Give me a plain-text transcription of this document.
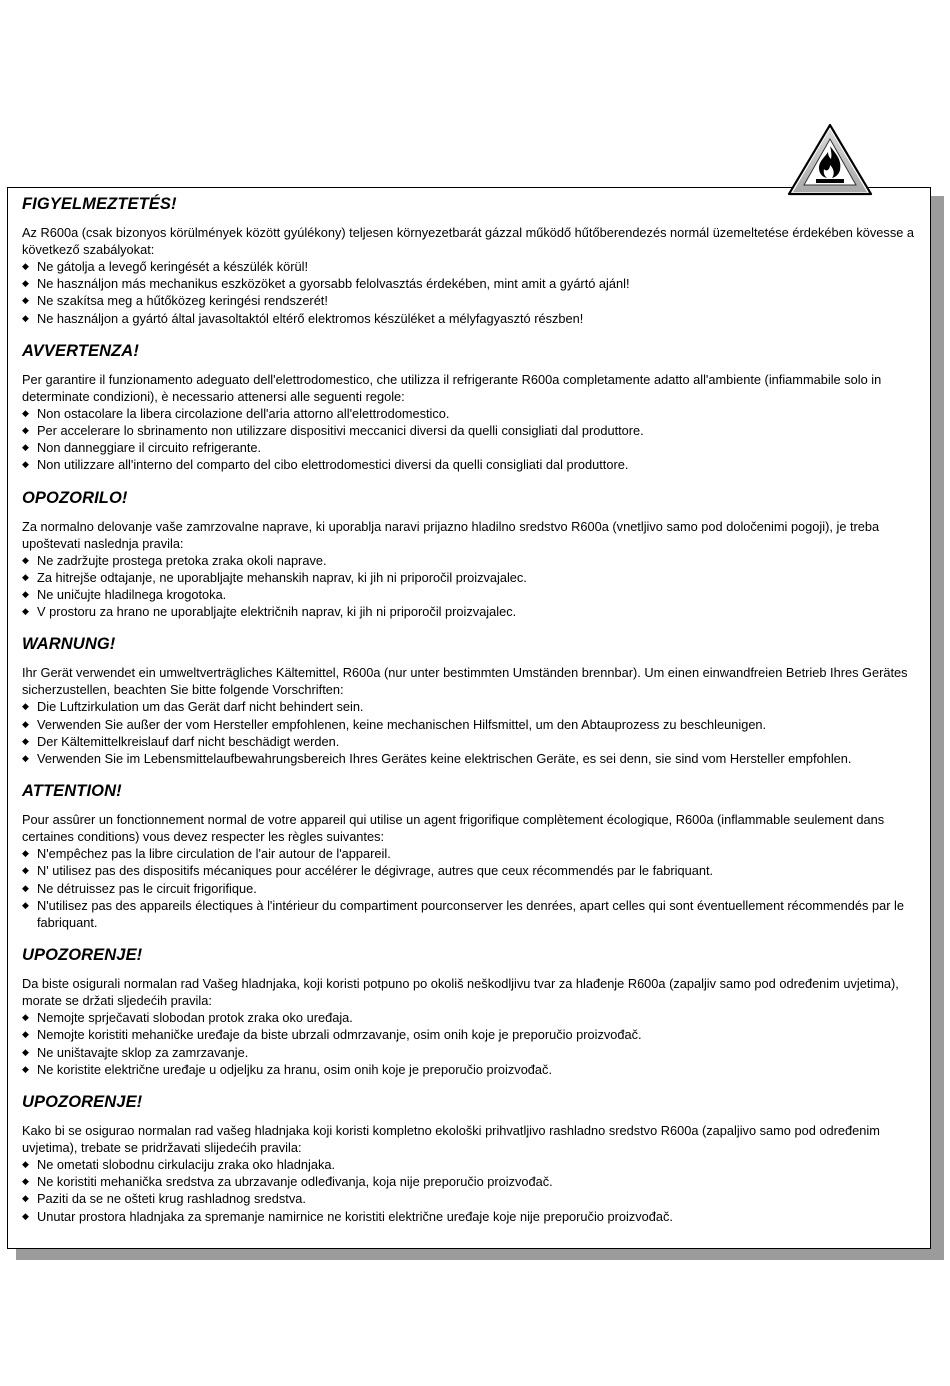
FIGYELMEZTETÉS!

Az R600a (csak bizonyos körülmények között gyúlékony) teljesen környezetbarát gázzal működő hűtőberendezés normál üzemeltetése érdekében kövesse a következő szabályokat:

◆ Ne gátolja a levegő keringését a készülék körül!
◆ Ne használjon más mechanikus eszközöket a gyorsabb felolvasztás érdekében, mint amit a gyártó ajánl!
◆ Ne szakítsa meg a hűtőközeg keringési rendszerét!
◆ Ne használjon a gyártó által javasoltaktól eltérő elektromos készüléket a mélyfagyasztó részben!
AVVERTENZA!

Per garantire il funzionamento adeguato dell'elettrodomestico, che utilizza il refrigerante R600a completamente adatto all'ambiente (infiammabile solo in determinate condizioni), è necessario attenersi alle seguenti regole:

◆ Non ostacolare la libera circolazione dell'aria attorno all'elettrodomestico.
◆ Per accelerare lo sbrinamento non utilizzare dispositivi meccanici diversi da quelli consigliati dal produttore.
◆ Non danneggiare il circuito refrigerante.
◆ Non utilizzare all'interno del comparto del cibo elettrodomestici diversi da quelli consigliati dal produttore.
OPOZORILO!

Za normalno delovanje vaše zamrzovalne naprave, ki uporablja naravi prijazno hladilno sredstvo R600a (vnetljivo samo pod določenimi pogoji), je treba upoštevati naslednja pravila:

◆ Ne zadržujte prostega pretoka zraka okoli naprave.
◆ Za hitrejše odtajanje, ne uporabljajte mehanskih naprav, ki jih ni priporočil proizvajalec.
◆ Ne uničujte hladilnega krogotoka.
◆ V prostoru za hrano ne uporabljajte električnih naprav, ki jih ni priporočil proizvajalec.
WARNUNG!

Ihr Gerät verwendet ein umweltverträgliches Kältemittel, R600a (nur unter bestimmten Umständen brennbar). Um einen einwandfreien Betrieb Ihres Gerätes sicherzustellen, beachten Sie bitte folgende Vorschriften:

◆ Die Luftzirkulation um das Gerät darf nicht behindert sein.
◆ Verwenden Sie außer der vom Hersteller empfohlenen, keine mechanischen Hilfsmittel, um den Abtauprozess zu beschleunigen.
◆ Der Kältemittelkreislauf darf nicht beschädigt werden.
◆ Verwenden Sie im Lebensmittelaufbewahrungsbereich Ihres Gerätes keine elektrischen Geräte, es sei denn, sie sind vom Hersteller empfohlen.
ATTENTION!

Pour assûrer un fonctionnement normal de votre appareil qui utilise un agent frigorifique complètement écologique, R600a (inflammable seulement dans certaines conditions) vous devez respecter les règles suivantes:

◆ N'empêchez pas la libre circulation de l'air autour de l'appareil.
◆ N' utilisez pas des dispositifs mécaniques pour accélérer le dégivrage, autres que ceux récommendés par le fabriquant.
◆ Ne détruissez pas le circuit frigorifique.
◆ N'utilisez pas des appareils électiques à l'intérieur du compartiment pourconserver les denrées, apart celles qui sont éventuellement récommendés par le fabriquant.
UPOZORENJE!

Da biste osigurali normalan rad Vašeg hladnjaka, koji koristi potpuno po okoliš neškodljivu tvar za hlađenje R600a (zapaljiv samo pod određenim uvjetima), morate se držati sljedećih pravila:

◆ Nemojte sprječavati slobodan protok zraka oko uređaja.
◆ Nemojte koristiti mehaničke uređaje da biste ubrzali odmrzavanje, osim onih koje je preporučio proizvođač.
◆ Ne uništavajte sklop za zamrzavanje.
◆ Ne koristite električne uređaje u odjeljku za hranu, osim onih koje je preporučio proizvođač.
UPOZORENJE!

Kako bi se osigurao normalan rad vašeg hladnjaka koji koristi kompletno ekološki prihvatljivo rashladno sredstvo R600a (zapaljivo samo pod određenim uvjetima), trebate se pridržavati slijedećih pravila:

◆ Ne ometati slobodnu cirkulaciju zraka oko hladnjaka.
◆ Ne koristiti mehanička sredstva za ubrzavanje odleđivanja, koja nije preporučio proizvođač.
◆ Paziti da se ne ošteti krug rashladnog sredstva.
◆ Unutar prostora hladnjaka za spremanje namirnice ne koristiti električne uređaje koje nije preporučio proizvođač.
